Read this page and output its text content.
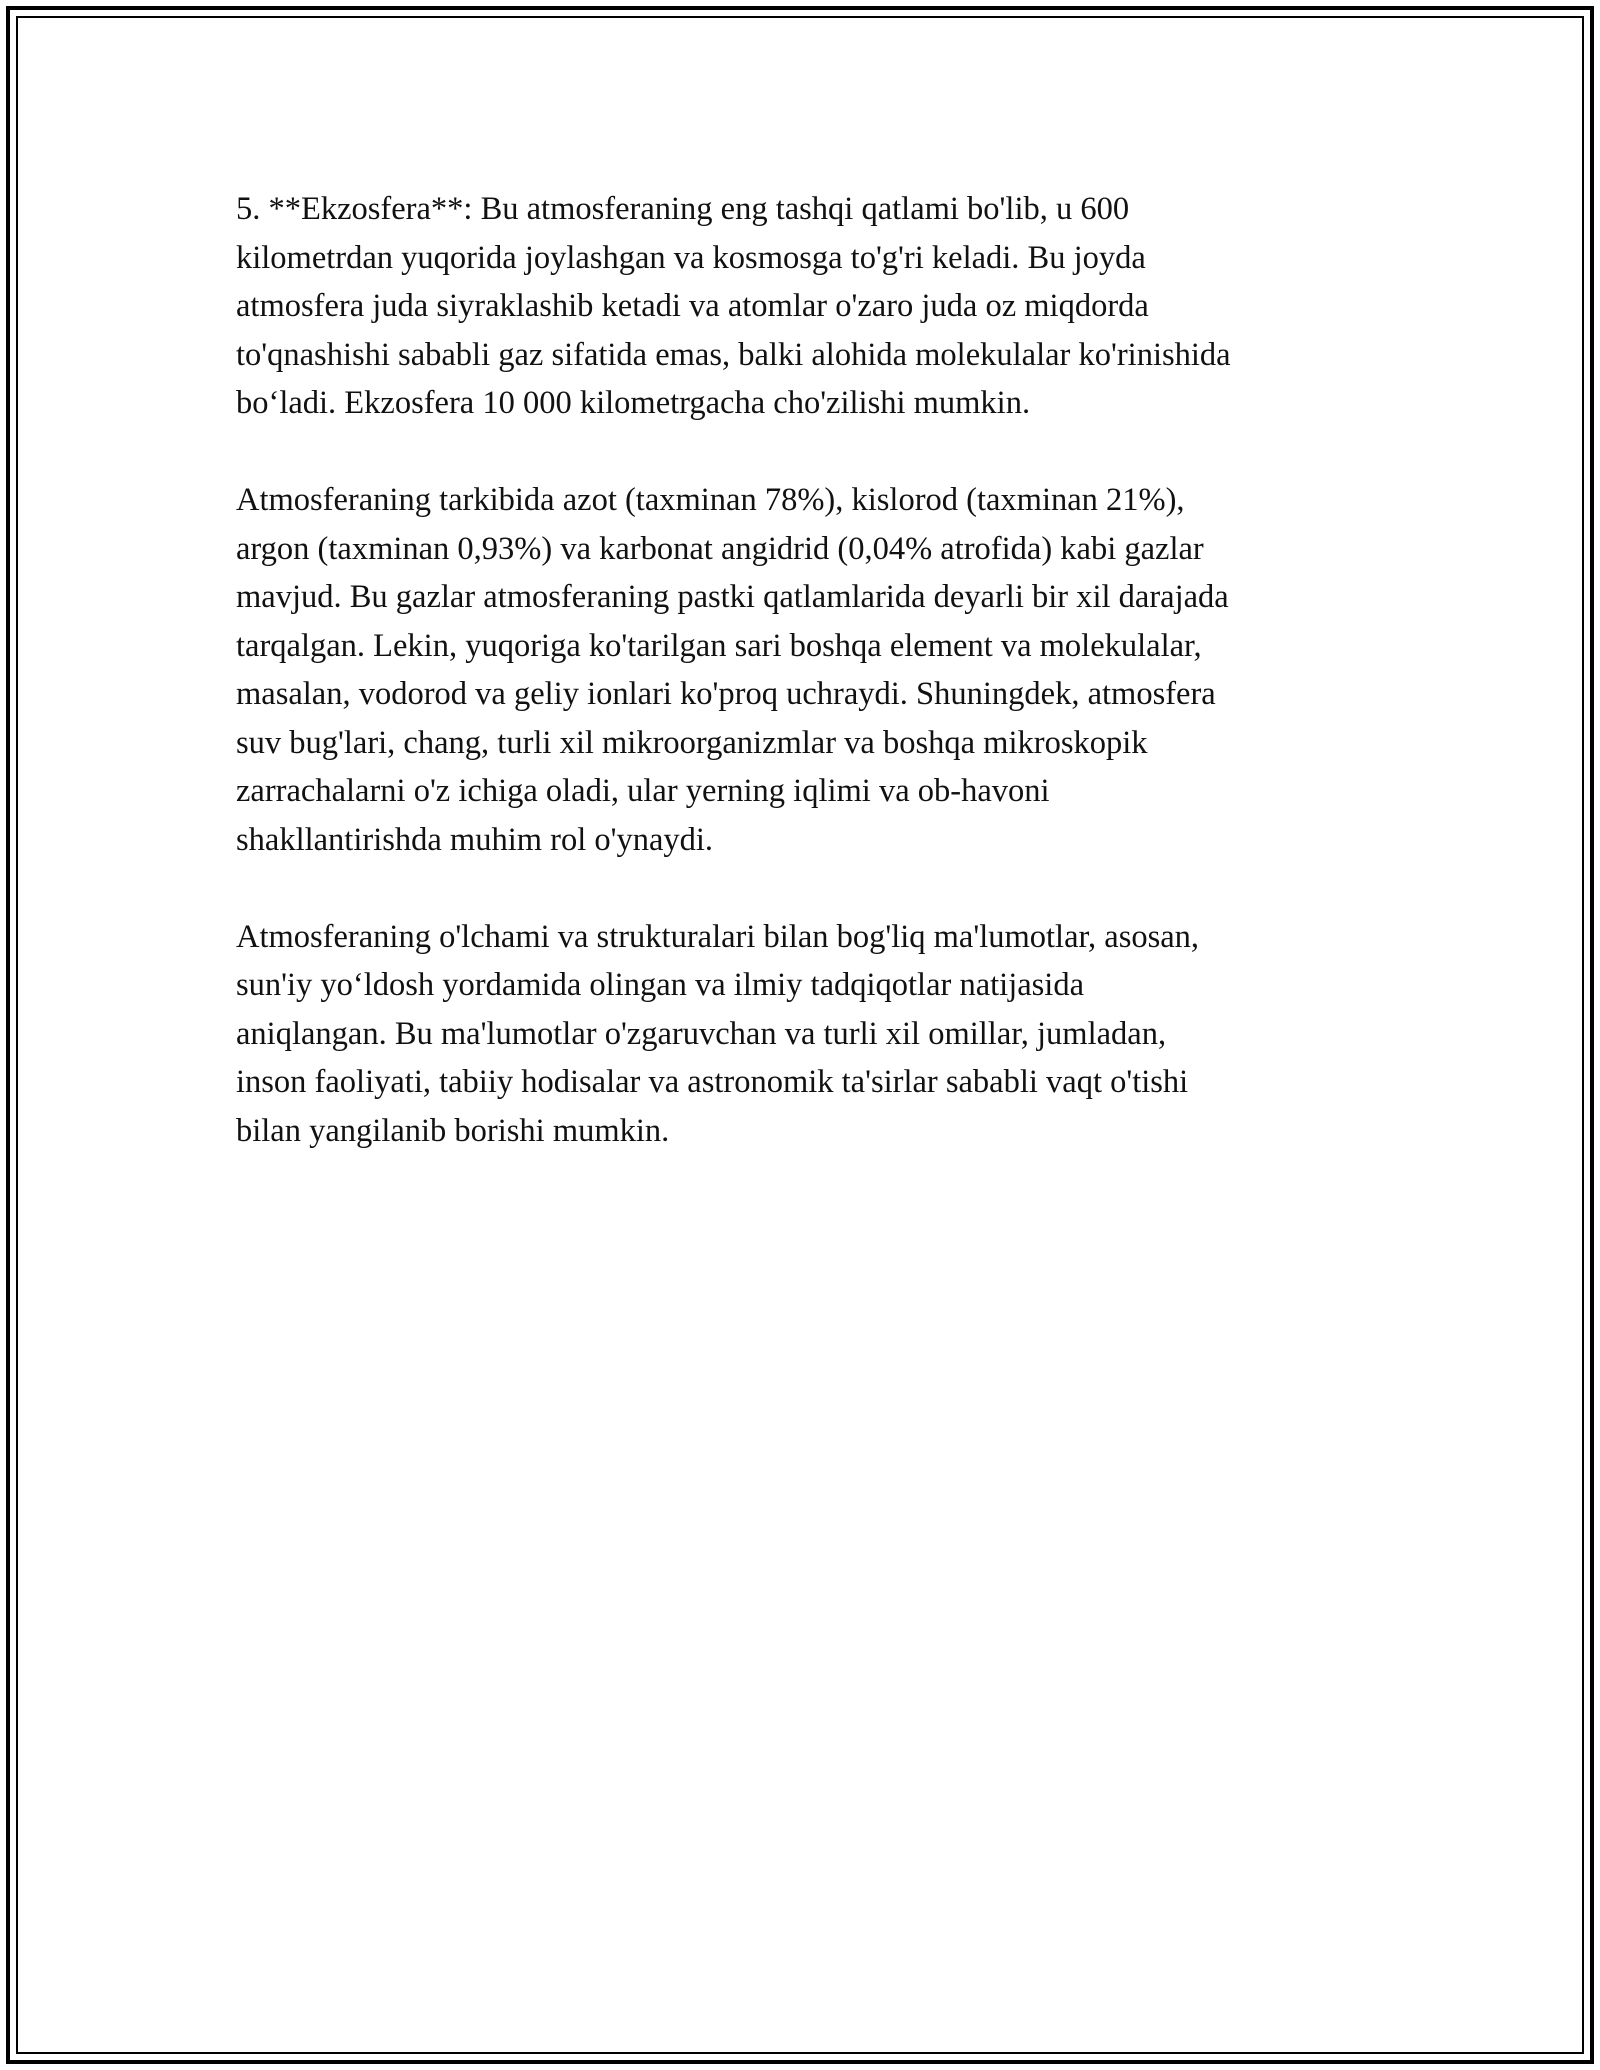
5. **Ekzosfera**: Bu atmosferaning eng tashqi qatlami bo'lib, u 600
kilometrdan yuqorida joylashgan va kosmosga to'g'ri keladi. Bu joyda
atmosfera juda siyraklashib ketadi va atomlar o'zaro juda oz miqdorda
to'qnashishi sababli gaz sifatida emas, balki alohida molekulalar ko'rinishida
bo‘ladi. Ekzosfera 10 000 kilometrgacha cho'zilishi mumkin.

Atmosferaning tarkibida azot (taxminan 78%), kislorod (taxminan 21%),
argon (taxminan 0,93%) va karbonat angidrid (0,04% atrofida) kabi gazlar
mavjud. Bu gazlar atmosferaning pastki qatlamlarida deyarli bir xil darajada
tarqalgan. Lekin, yuqoriga ko'tarilgan sari boshqa element va molekulalar,
masalan, vodorod va geliy ionlari ko'proq uchraydi. Shuningdek, atmosfera
suv bug'lari, chang, turli xil mikroorganizmlar va boshqa mikroskopik
zarrachalarni o'z ichiga oladi, ular yerning iqlimi va ob-havoni
shakllantirishda muhim rol o'ynaydi.

Atmosferaning o'lchami va strukturalari bilan bog'liq ma'lumotlar, asosan,
sun'iy yo‘ldosh yordamida olingan va ilmiy tadqiqotlar natijasida
aniqlangan. Bu ma'lumotlar o'zgaruvchan va turli xil omillar, jumladan,
inson faoliyati, tabiiy hodisalar va astronomik ta'sirlar sababli vaqt o'tishi
bilan yangilanib borishi mumkin.
